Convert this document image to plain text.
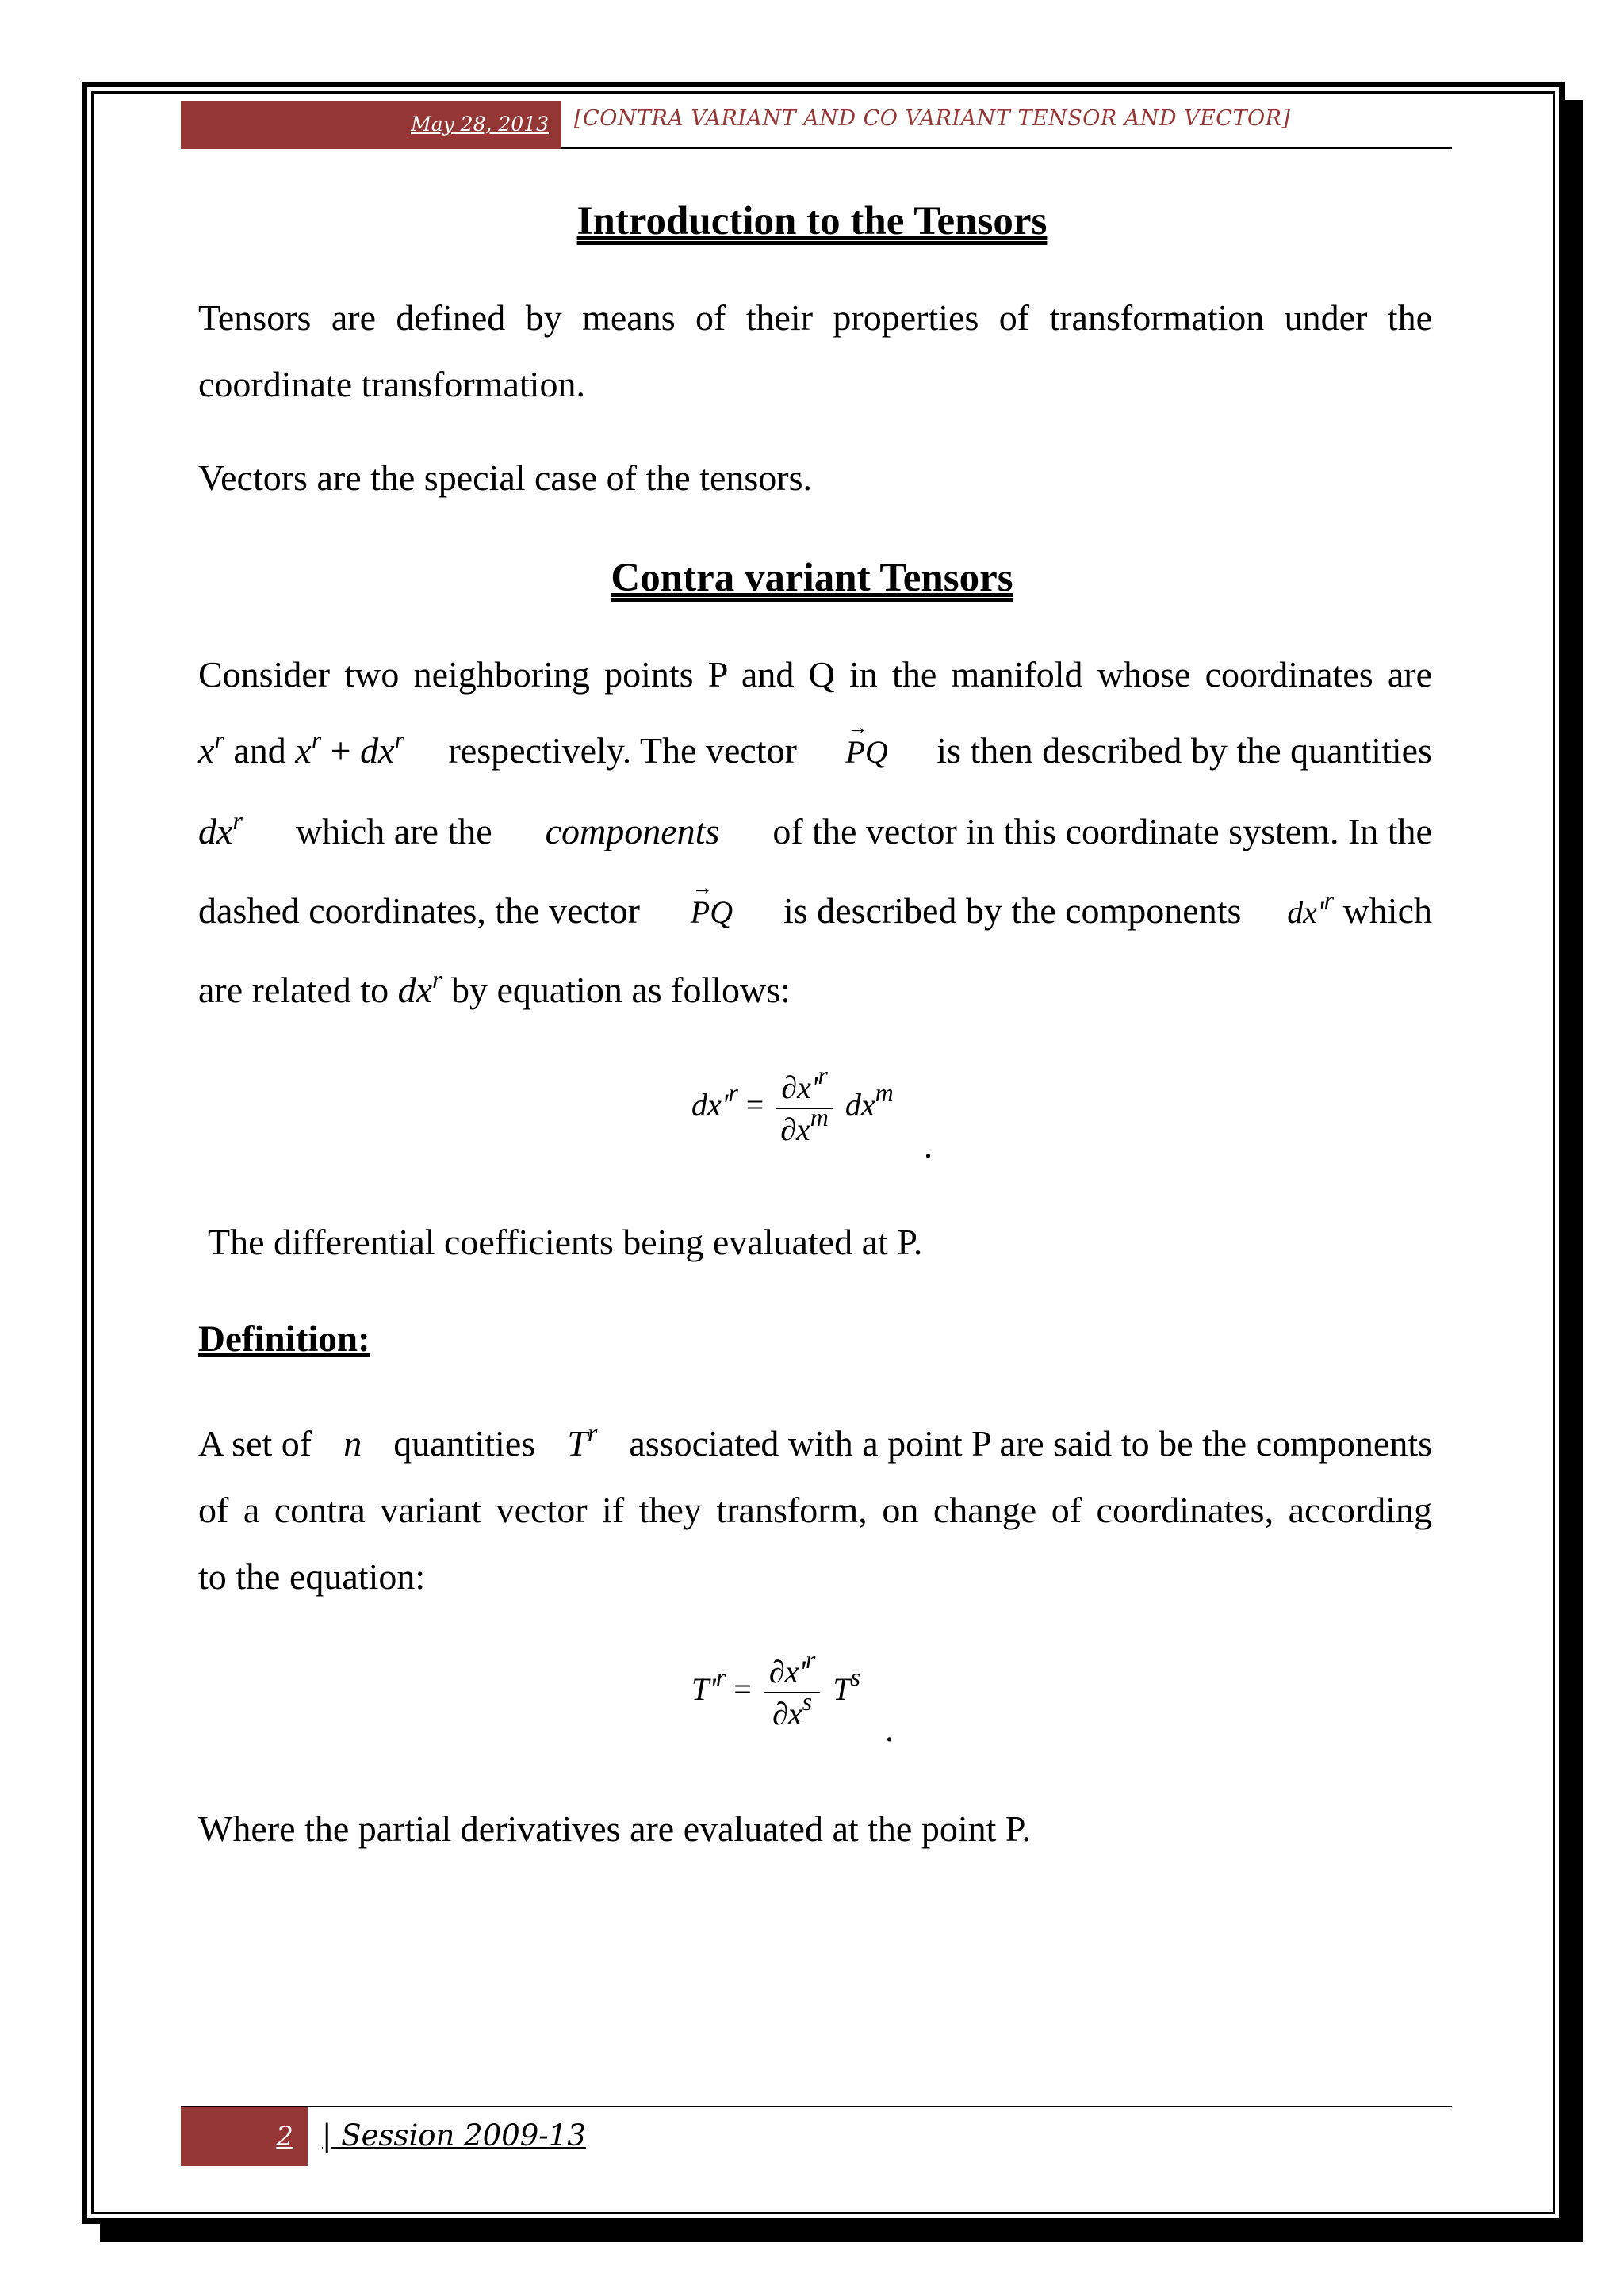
May 28, 2013	[CONTRA VARIANT AND CO VARIANT TENSOR AND VECTOR]
Introduction to the Tensors
Tensors are defined by means of their properties of transformation under the
coordinate transformation.
Vectors are the special case of the tensors.
Contra variant Tensors
Consider two neighboring points P and Q in the manifold whose coordinates are
$x^r$ and $x^r + dx^r$ respectively. The vector → PQ is then described by the quantities
$dx^r$ which are the components of the vector in this coordinate system. In the
dashed coordinates, the vector → PQ is described by the components $dx'^r$ which
are related to $dx^r$ by equation as follows:
$dx'^r = \frac{\partial x'^r}{\partial x^m} dx^m$
.
The differential coefficients being evaluated at P.
Definition:
A set of n quantities $T^r$ associated with a point P are said to be the components
of a contra variant vector if they transform, on change of coordinates, according
to the equation:
$T'^r = \frac{\partial x'^r}{\partial x^s} T^s$
.
Where the partial derivatives are evaluated at the point P.
2 | Session 2009-13
